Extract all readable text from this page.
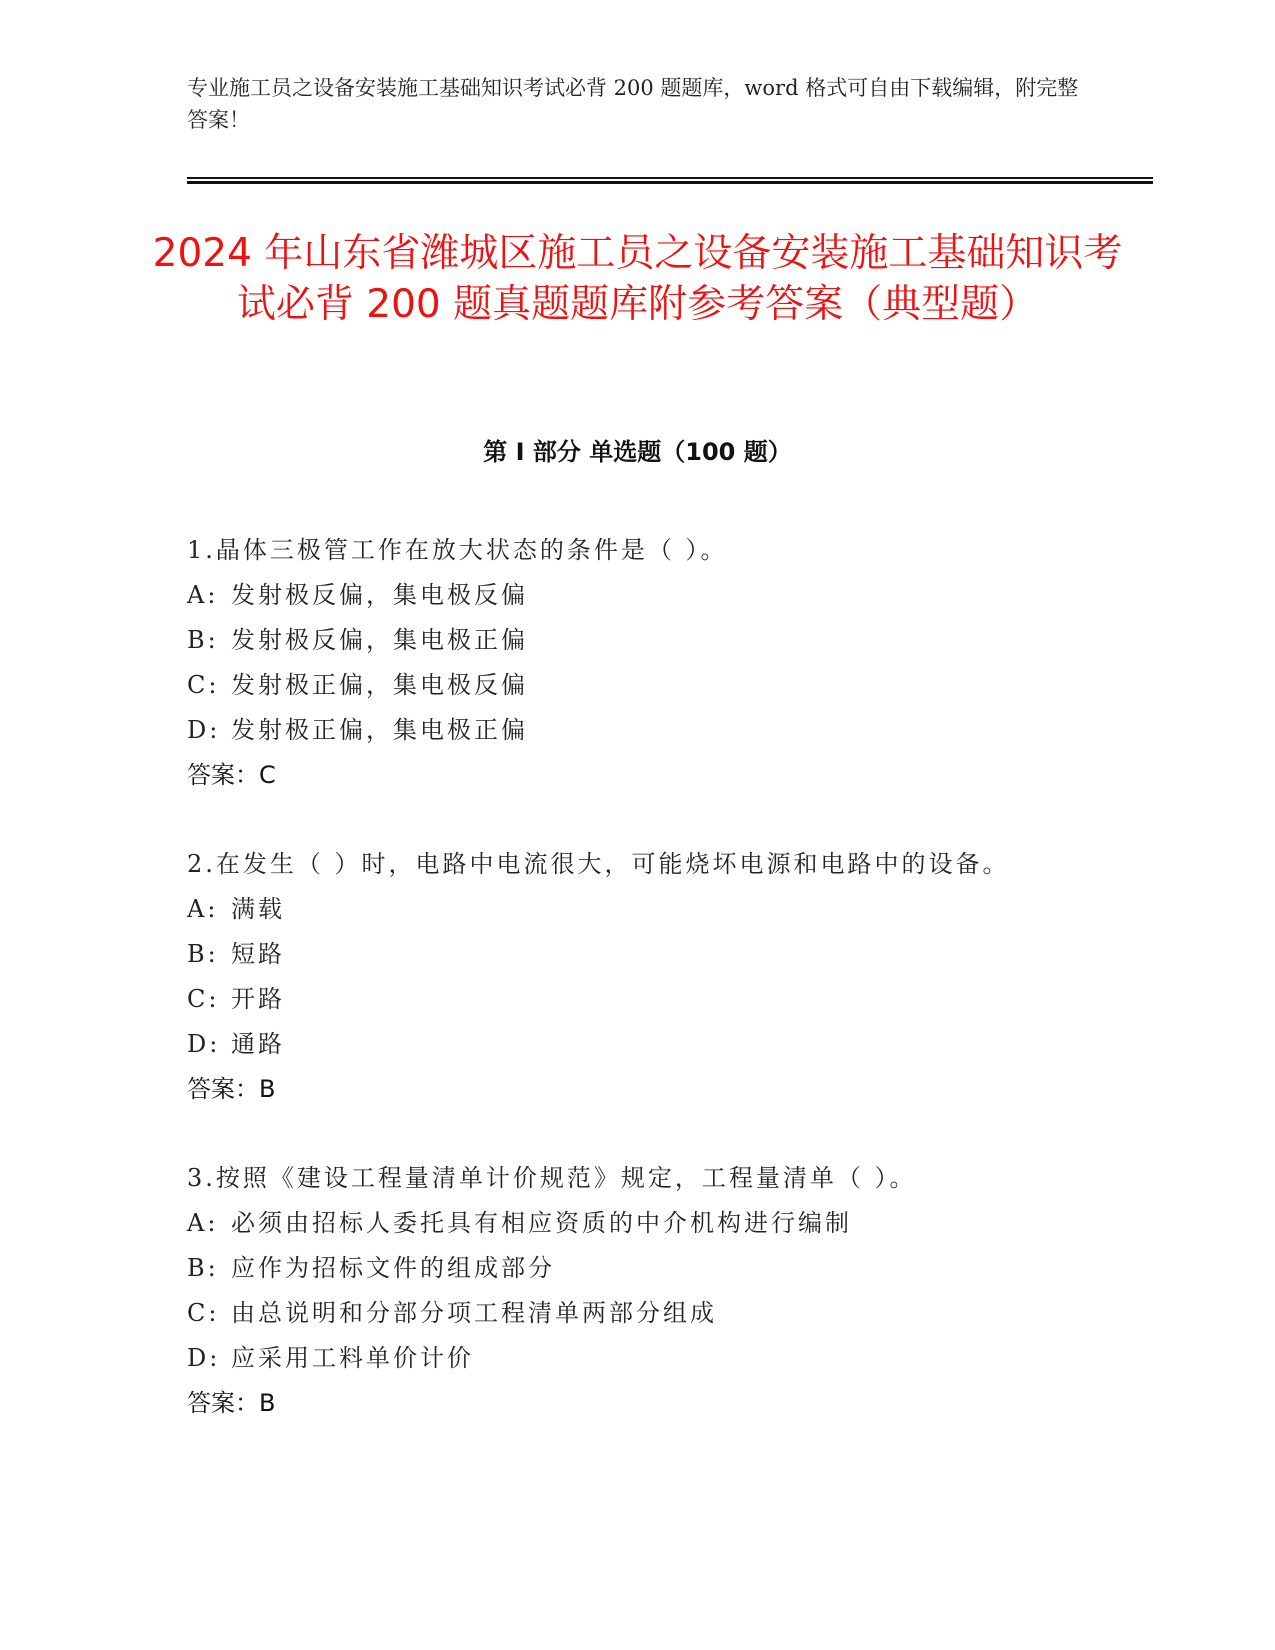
专业施工员之设备安装施工基础知识考试必背 200 题题库，word 格式可自由下载编辑，附完整答案！
2024 年山东省潍城区施工员之设备安装施工基础知识考试必背 200 题真题题库附参考答案（典型题）
第 I 部分 单选题（100 题）
1.晶体三极管工作在放大状态的条件是（ ）。
A: 发射极反偏，集电极反偏
B: 发射极反偏，集电极正偏
C: 发射极正偏，集电极反偏
D: 发射极正偏，集电极正偏
答案：C
2.在发生（ ）时，电路中电流很大，可能烧坏电源和电路中的设备。
A: 满载
B: 短路
C: 开路
D: 通路
答案：B
3.按照《建设工程量清单计价规范》规定，工程量清单（ ）。
A: 必须由招标人委托具有相应资质的中介机构进行编制
B: 应作为招标文件的组成部分
C: 由总说明和分部分项工程清单两部分组成
D: 应采用工料单价计价
答案：B
